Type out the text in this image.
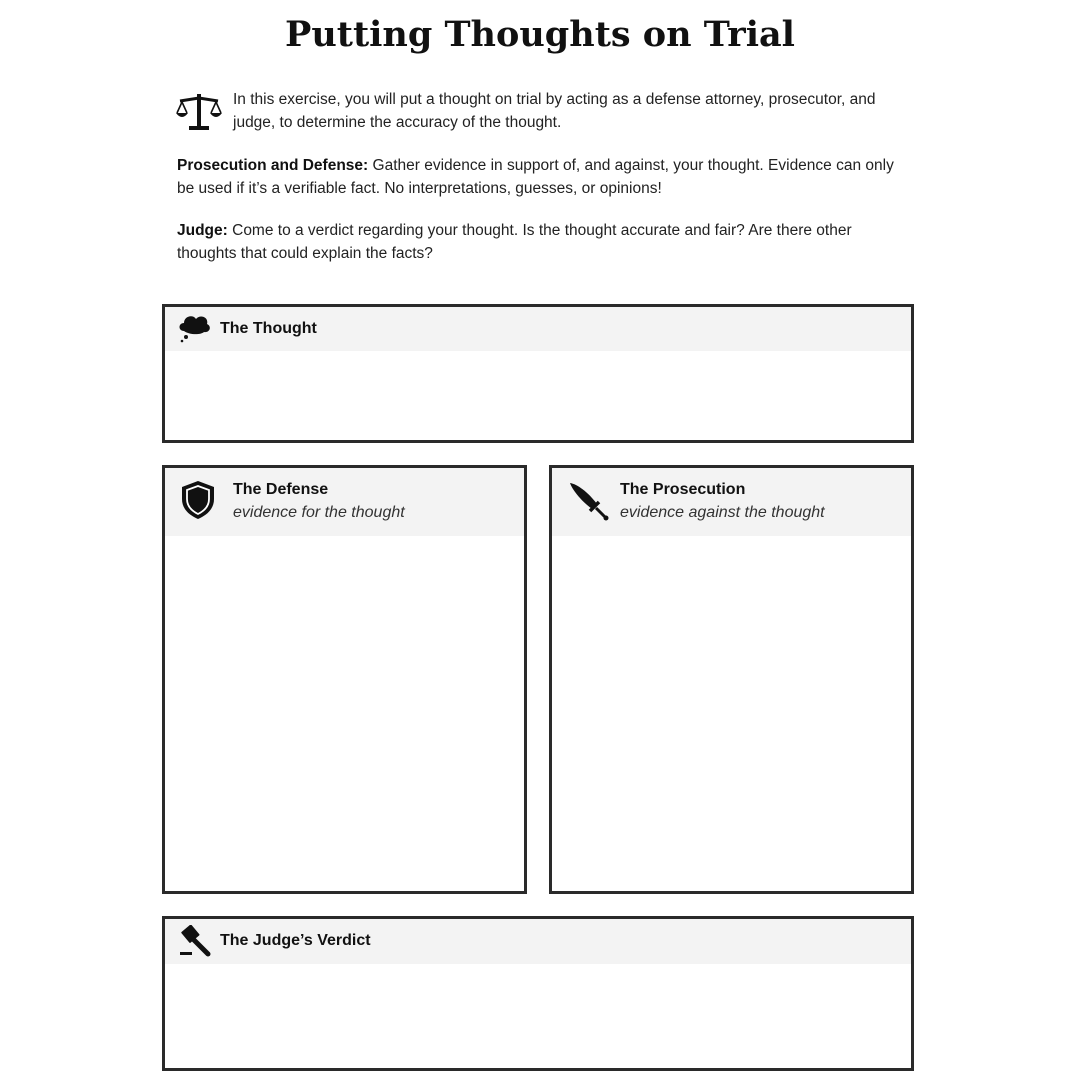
Putting Thoughts on Trial
In this exercise, you will put a thought on trial by acting as a defense attorney, prosecutor, and judge, to determine the accuracy of the thought.
Prosecution and Defense: Gather evidence in support of, and against, your thought. Evidence can only be used if it’s a verifiable fact. No interpretations, guesses, or opinions!
Judge: Come to a verdict regarding your thought. Is the thought accurate and fair? Are there other thoughts that could explain the facts?
The Thought
The Defense
evidence for the thought
The Prosecution
evidence against the thought
The Judge’s Verdict
